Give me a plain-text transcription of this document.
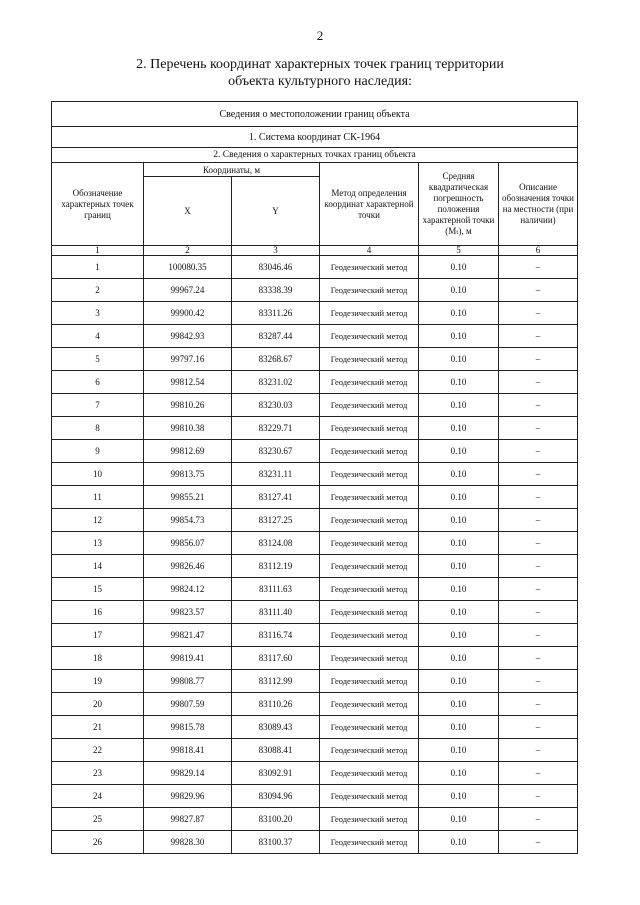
2
2. Перечень координат характерных точек границ территории
объекта культурного наследия:
Сведения о местоположении границ объекта					
1. Система координат СК-1964					
2. Сведения о характерных точках границ объекта					
Обозначение характерных точек границ	Координаты, м		Метод определения координат характерной точки	Средняя квадратическая погрешность положения характерной точки (Mₜ), м	Описание обозначения точки на местности (при наличии)
	X	Y			
1	2	3	4	5	6
1	100080.35	83046.46	Геодезический метод	0.10	–
2	99967.24	83338.39	Геодезический метод	0.10	–
3	99900.42	83311.26	Геодезический метод	0.10	–
4	99842.93	83287.44	Геодезический метод	0.10	–
5	99797.16	83268.67	Геодезический метод	0.10	–
6	99812.54	83231.02	Геодезический метод	0.10	–
7	99810.26	83230.03	Геодезический метод	0.10	–
8	99810.38	83229.71	Геодезический метод	0.10	–
9	99812.69	83230.67	Геодезический метод	0.10	–
10	99813.75	83231.11	Геодезический метод	0.10	–
11	99855.21	83127.41	Геодезический метод	0.10	–
12	99854.73	83127.25	Геодезический метод	0.10	–
13	99856.07	83124.08	Геодезический метод	0.10	–
14	99826.46	83112.19	Геодезический метод	0.10	–
15	99824.12	83111.63	Геодезический метод	0.10	–
16	99823.57	83111.40	Геодезический метод	0.10	–
17	99821.47	83116.74	Геодезический метод	0.10	–
18	99819.41	83117.60	Геодезический метод	0.10	–
19	99808.77	83112.99	Геодезический метод	0.10	–
20	99807.59	83110.26	Геодезический метод	0.10	–
21	99815.78	83089.43	Геодезический метод	0.10	–
22	99818.41	83088.41	Геодезический метод	0.10	–
23	99829.14	83092.91	Геодезический метод	0.10	–
24	99829.96	83094.96	Геодезический метод	0.10	–
25	99827.87	83100.20	Геодезический метод	0.10	–
26	99828.30	83100.37	Геодезический метод	0.10	–
